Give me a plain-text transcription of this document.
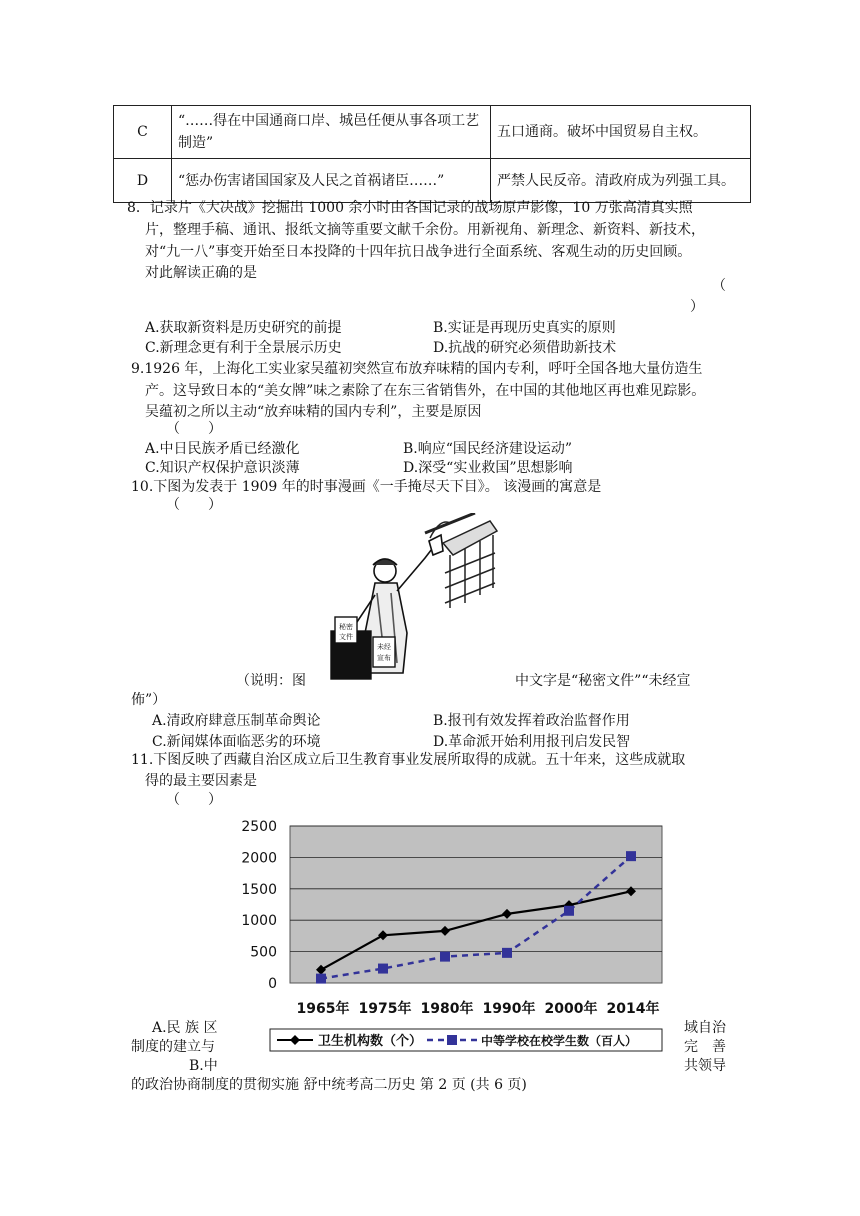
C	“……得在中国通商口岸、城邑任便从事各项工艺制造”	五口通商。破坏中国贸易自主权。
D	“惩办伤害诸国国家及人民之首祸诸臣……”	严禁人民反帝。清政府成为列强工具。
8．记录片《大决战》挖掘出 1000 余小时由各国记录的战场原声影像，10 万张高清真实照
片，整理手稿、通讯、报纸文摘等重要文献千余份。用新视角、新理念、新资料、新技术，
对“九一八”事变开始至日本投降的十四年抗日战争进行全面系统、客观生动的历史回顾。
对此解读正确的是
（
）
A.获取新资料是历史研究的前提	B.实证是再现历史真实的原则
C.新理念更有利于全景展示历史	D.抗战的研究必须借助新技术
9.1926 年，上海化工实业家吴蕴初突然宣布放弃味精的国内专利，呼吁全国各地大量仿造生
产。这导致日本的“美女牌”味之素除了在东三省销售外，在中国的其他地区再也难见踪影。
吴蕴初之所以主动“放弃味精的国内专利”，主要是原因
（　　）
A.中日民族矛盾已经激化	B.响应“国民经济建设运动”
C.知识产权保护意识淡薄	D.深受“实业救国”思想影响
10.下图为发表于 1909 年的时事漫画《一手掩尽天下目》。 该漫画的寓意是
（　　）
秘密
文件
未经
宣布
（说明：图	中文字是“秘密文件”“未经宣
佈”）
A.清政府肆意压制革命舆论	B.报刊有效发挥着政治监督作用
C.新闻媒体面临恶劣的环境	D.革命派开始利用报刊启发民智
11.下图反映了西藏自治区成立后卫生教育事业发展所取得的成就。五十年来，这些成就取
得的最主要因素是
（　　）
0
500
1000
1500
2000
2500
1965年 1975年 1980年 1990年 2000年 2014年
卫生机构数（个）	中等学校在校学生数（百人）
A.民 族 区	域自治
制度的建立与	完　善
B.中	共领导
的政治协商制度的贯彻实施 舒中统考高二历史 第 2 页 (共 6 页)
